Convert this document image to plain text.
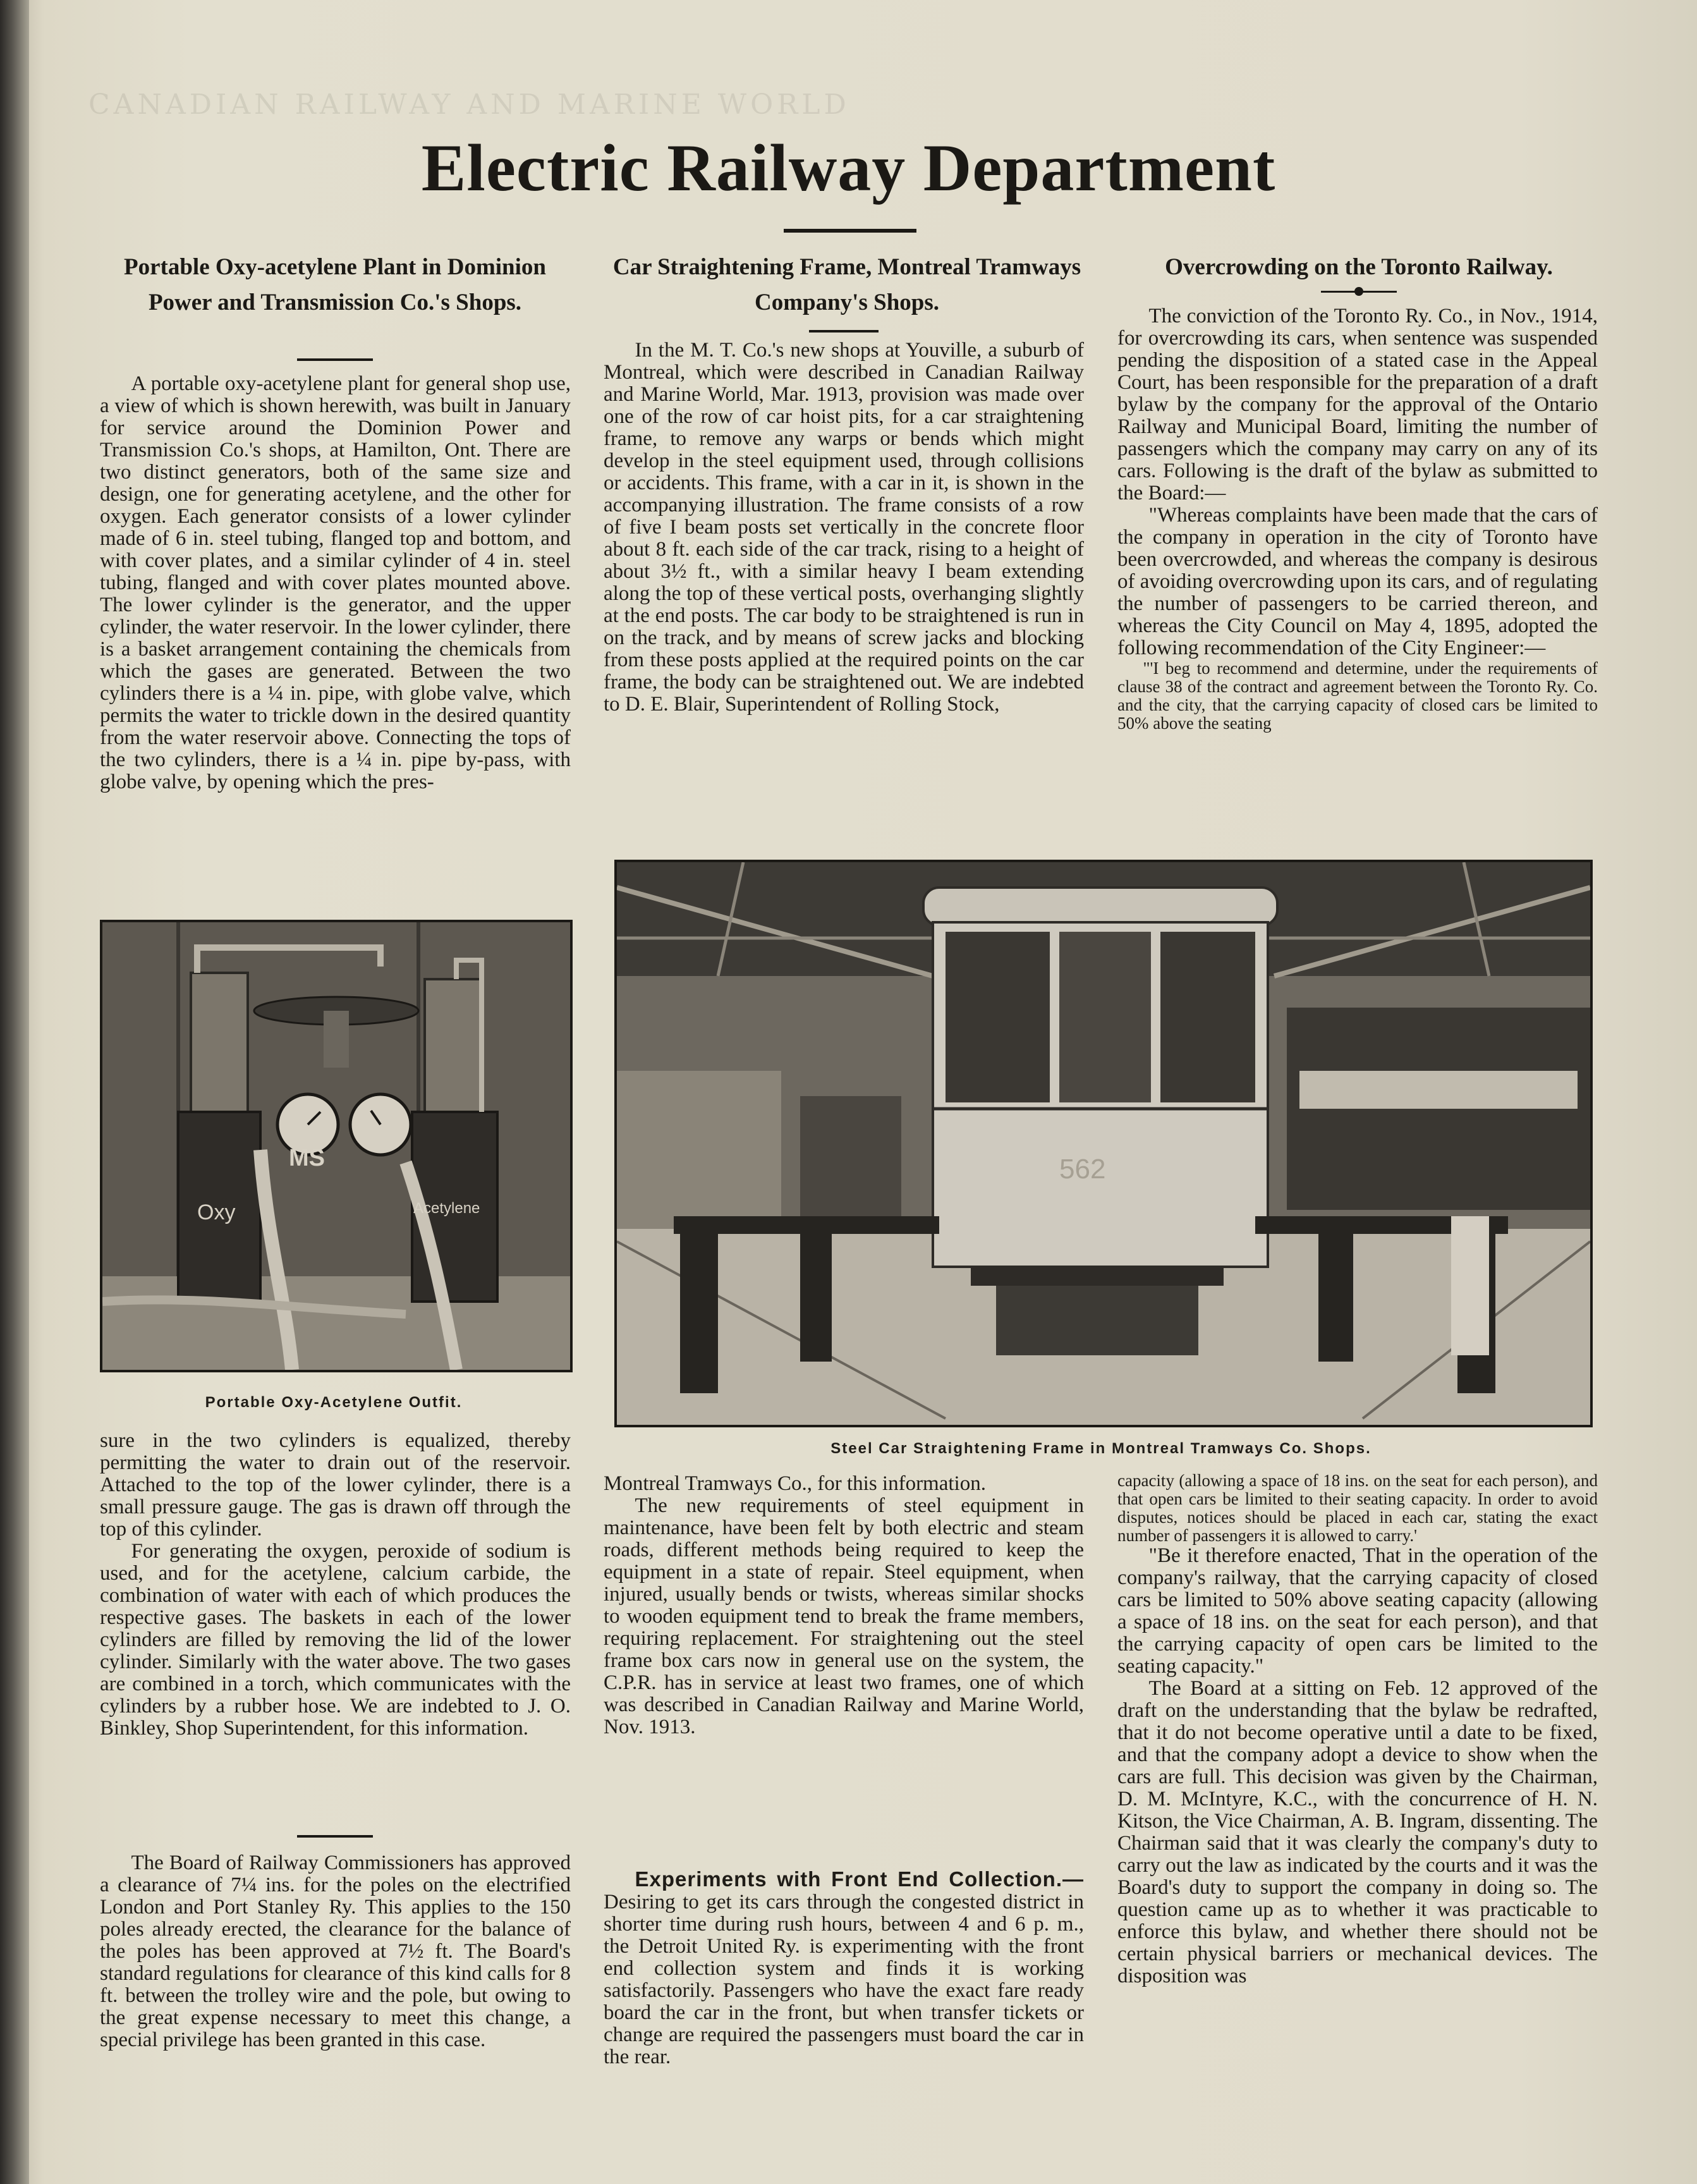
CANADIAN RAILWAY AND MARINE WORLD
Electric Railway Department
Portable Oxy-acetylene Plant in Dominion Power and Transmission Co.'s Shops.

A portable oxy-acetylene plant for general shop use, a view of which is shown herewith, was built in January for service around the Dominion Power and Transmission Co.'s shops, at Hamilton, Ont. There are two distinct generators, both of the same size and design, one for generating acetylene, and the other for oxygen. Each generator consists of a lower cylinder made of 6 in. steel tubing, flanged top and bottom, and with cover plates, and a similar cylinder of 4 in. steel tubing, flanged and with cover plates mounted above. The lower cylinder is the generator, and the upper cylinder, the water reservoir. In the lower cylinder, there is a basket arrangement containing the chemicals from which the gases are generated. Between the two cylinders there is a ¼ in. pipe, with globe valve, which permits the water to trickle down in the desired quantity from the water reservoir above. Connecting the tops of the two cylinders, there is a ¼ in. pipe by-pass, with globe valve, by opening which the pres-

MS
Oxy	Acetylene
Portable Oxy-Acetylene Outfit.

sure in the two cylinders is equalized, thereby permitting the water to drain out of the reservoir. Attached to the top of the lower cylinder, there is a small pressure gauge. The gas is drawn off through the top of this cylinder.

For generating the oxygen, peroxide of sodium is used, and for the acetylene, calcium carbide, the combination of water with each of which produces the respective gases. The baskets in each of the lower cylinders are filled by removing the lid of the lower cylinder. Similarly with the water above. The two gases are combined in a torch, which communicates with the cylinders by a rubber hose. We are indebted to J. O. Binkley, Shop Superintendent, for this information.

The Board of Railway Commissioners has approved a clearance of 7¼ ins. for the poles on the electrified London and Port Stanley Ry. This applies to the 150 poles already erected, the clearance for the balance of the poles has been approved at 7½ ft. The Board's standard regulations for clearance of this kind calls for 8 ft. between the trolley wire and the pole, but owing to the great expense necessary to meet this change, a special privilege has been granted in this case.

Car Straightening Frame, Montreal Tramways Company's Shops.

In the M. T. Co.'s new shops at Youville, a suburb of Montreal, which were described in Canadian Railway and Marine World, Mar. 1913, provision was made over one of the row of car hoist pits, for a car straightening frame, to remove any warps or bends which might develop in the steel equipment used, through collisions or accidents. This frame, with a car in it, is shown in the accompanying illustration. The frame consists of a row of five I beam posts set vertically in the concrete floor about 8 ft. each side of the car track, rising to a height of about 3½ ft., with a similar heavy I beam extending along the top of these vertical posts, overhanging slightly at the end posts. The car body to be straightened is run in on the track, and by means of screw jacks and blocking from these posts applied at the required points on the car frame, the body can be straightened out. We are indebted to D. E. Blair, Superintendent of Rolling Stock,

562
Steel Car Straightening Frame in Montreal Tramways Co. Shops.

Montreal Tramways Co., for this information.

The new requirements of steel equipment in maintenance, have been felt by both electric and steam roads, different methods being required to keep the equipment in a state of repair. Steel equipment, when injured, usually bends or twists, whereas similar shocks to wooden equipment tend to break the frame members, requiring replacement. For straightening out the steel frame box cars now in general use on the system, the C.P.R. has in service at least two frames, one of which was described in Canadian Railway and Marine World, Nov. 1913.

Experiments with Front End Collection.— Desiring to get its cars through the congested district in shorter time during rush hours, between 4 and 6 p. m., the Detroit United Ry. is experimenting with the front end collection system and finds it is working satisfactorily. Passengers who have the exact fare ready board the car in the front, but when transfer tickets or change are required the passengers must board the car in the rear.

Overcrowding on the Toronto Railway.

The conviction of the Toronto Ry. Co., in Nov., 1914, for overcrowding its cars, when sentence was suspended pending the disposition of a stated case in the Appeal Court, has been responsible for the preparation of a draft bylaw by the company for the approval of the Ontario Railway and Municipal Board, limiting the number of passengers which the company may carry on any of its cars. Following is the draft of the bylaw as submitted to the Board:—

"Whereas complaints have been made that the cars of the company in operation in the city of Toronto have been overcrowded, and whereas the company is desirous of avoiding overcrowding upon its cars, and of regulating the number of passengers to be carried thereon, and whereas the City Council on May 4, 1895, adopted the following recommendation of the City Engineer:—

"'I beg to recommend and determine, under the requirements of clause 38 of the contract and agreement between the Toronto Ry. Co. and the city, that the carrying capacity of closed cars be limited to 50% above the seating

capacity (allowing a space of 18 ins. on the seat for each person), and that open cars be limited to their seating capacity. In order to avoid disputes, notices should be placed in each car, stating the exact number of passengers it is allowed to carry.'

"Be it therefore enacted, That in the operation of the company's railway, that the carrying capacity of closed cars be limited to 50% above seating capacity (allowing a space of 18 ins. on the seat for each person), and that the carrying capacity of open cars be limited to the seating capacity."

The Board at a sitting on Feb. 12 approved of the draft on the understanding that the bylaw be redrafted, that it do not become operative until a date to be fixed, and that the company adopt a device to show when the cars are full. This decision was given by the Chairman, D. M. McIntyre, K.C., with the concurrence of H. N. Kitson, the Vice Chairman, A. B. Ingram, dissenting. The Chairman said that it was clearly the company's duty to carry out the law as indicated by the courts and it was the Board's duty to support the company in doing so. The question came up as to whether it was practicable to enforce this bylaw, and whether there should not be certain physical barriers or mechanical devices. The disposition was
